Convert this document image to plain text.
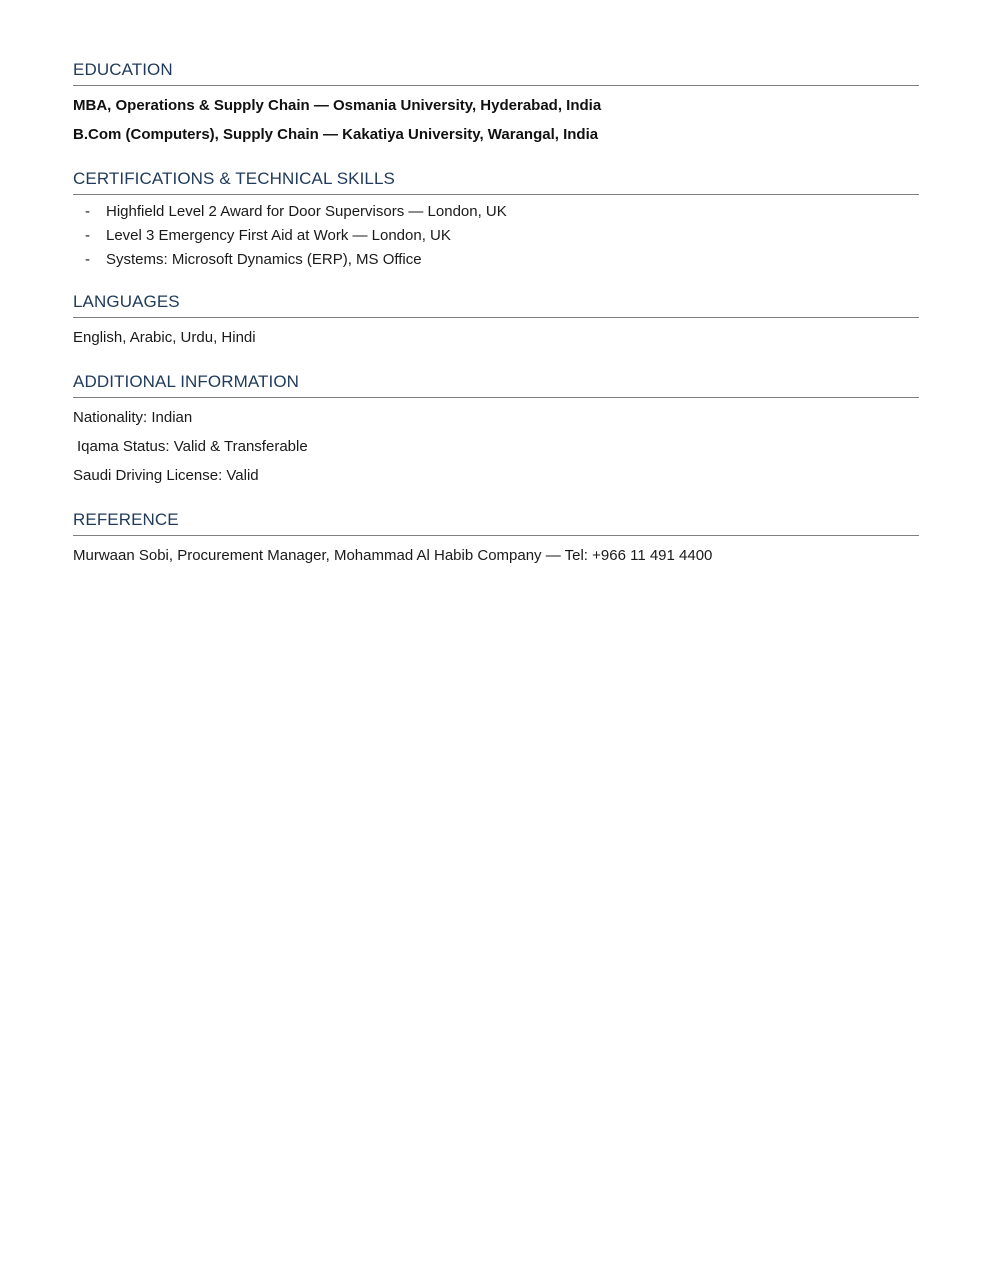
EDUCATION

MBA, Operations & Supply Chain — Osmania University, Hyderabad, India

B.Com (Computers), Supply Chain — Kakatiya University, Warangal, India

CERTIFICATIONS & TECHNICAL SKILLS
- Highfield Level 2 Award for Door Supervisors — London, UK
- Level 3 Emergency First Aid at Work — London, UK
- Systems: Microsoft Dynamics (ERP), MS Office
LANGUAGES

English, Arabic, Urdu, Hindi

ADDITIONAL INFORMATION

Nationality: Indian

Iqama Status: Valid & Transferable

Saudi Driving License: Valid

REFERENCE

Murwaan Sobi, Procurement Manager, Mohammad Al Habib Company — Tel: +966 11 491 4400
